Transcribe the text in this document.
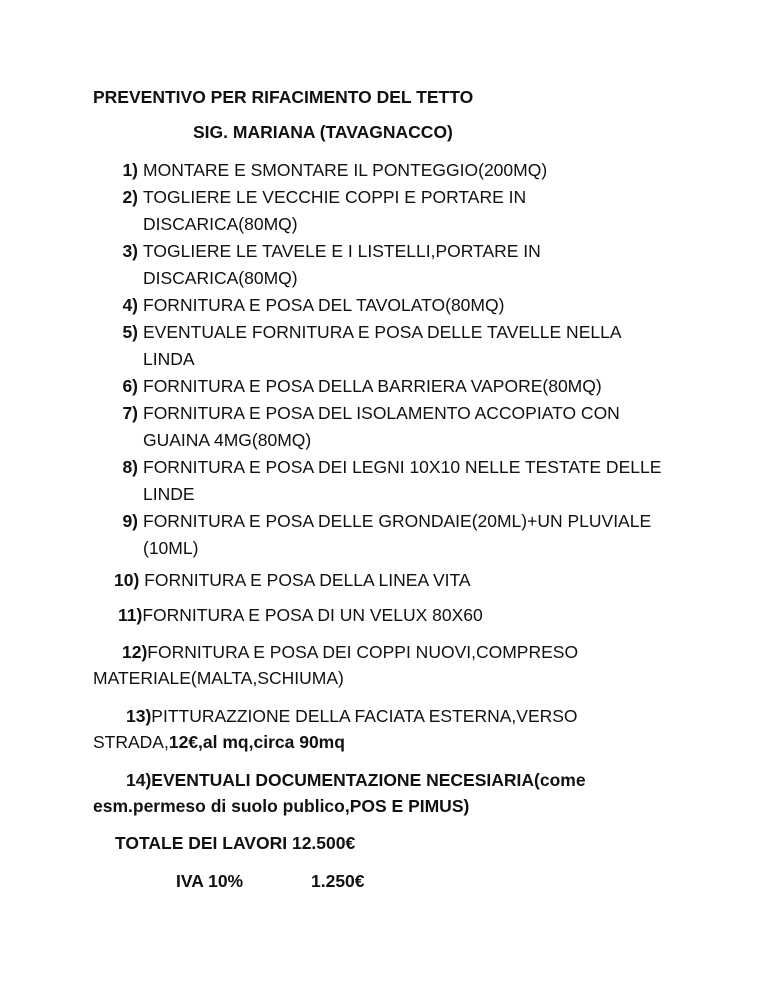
PREVENTIVO PER RIFACIMENTO DEL TETTO
SIG. MARIANA (TAVAGNACCO)
1) MONTARE E SMONTARE IL PONTEGGIO(200MQ)
2) TOGLIERE LE VECCHIE COPPI E PORTARE IN DISCARICA(80MQ)
3) TOGLIERE LE TAVELE E I LISTELLI,PORTARE IN DISCARICA(80MQ)
4) FORNITURA E POSA DEL TAVOLATO(80MQ)
5) EVENTUALE FORNITURA E POSA DELLE TAVELLE NELLA LINDA
6) FORNITURA E POSA DELLA BARRIERA VAPORE(80MQ)
7) FORNITURA E POSA DEL ISOLAMENTO ACCOPIATO CON GUAINA 4MG(80MQ)
8) FORNITURA E POSA DEI LEGNI 10X10 NELLE TESTATE DELLE LINDE
9) FORNITURA E POSA DELLE GRONDAIE(20ML)+UN PLUVIALE (10ML)
10) FORNITURA E POSA DELLA LINEA VITA
11)FORNITURA E POSA DI UN VELUX 80X60
12)FORNITURA E POSA DEI COPPI NUOVI,COMPRESO
MATERIALE(MALTA,SCHIUMA)
13)PITTURAZZIONE DELLA FACIATA ESTERNA,VERSO
STRADA,12€,al mq,circa 90mq
14)EVENTUALI DOCUMENTAZIONE NECESIARIA(come
esm.permeso di suolo publico,POS E PIMUS)
TOTALE DEI LAVORI 12.500€
IVA 10%	1.250€
